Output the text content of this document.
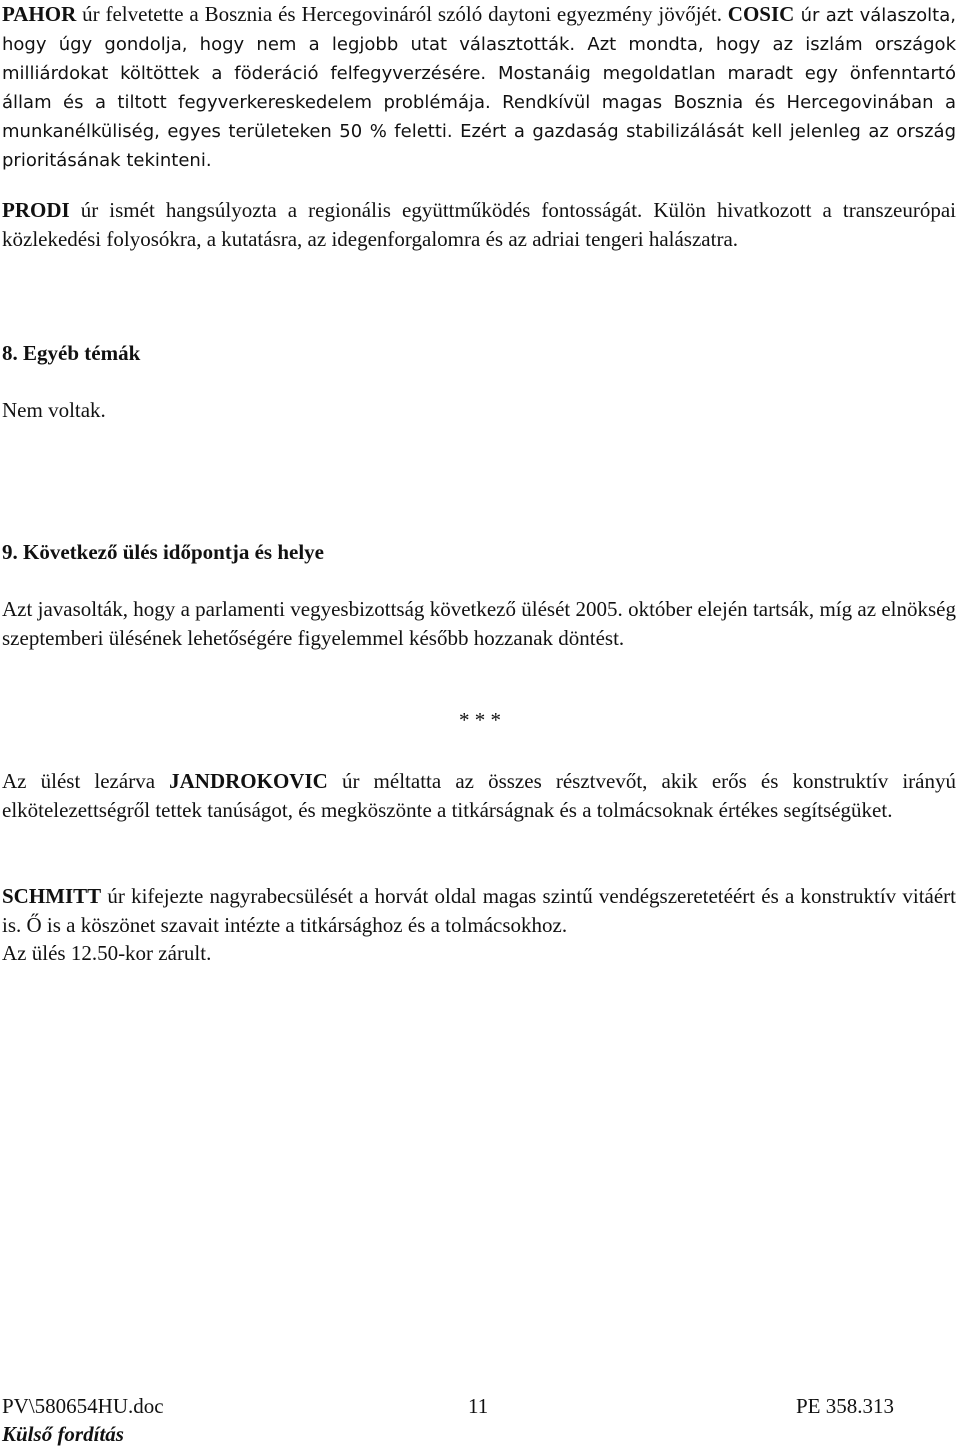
PAHOR úr felvetette a Bosznia és Hercegovináról szóló daytoni egyezmény jövőjét. COSIC úr azt válaszolta, hogy úgy gondolja, hogy nem a legjobb utat választották. Azt mondta, hogy az iszlám országok milliárdokat költöttek a föderáció felfegyverzésére. Mostanáig megoldatlan maradt egy önfenntartó állam és a tiltott fegyverkereskedelem problémája. Rendkívül magas Bosznia és Hercegovinában a munkanélküliség, egyes területeken 50 % feletti. Ezért a gazdaság stabilizálását kell jelenleg az ország prioritásának tekinteni.

PRODI úr ismét hangsúlyozta a regionális együttműködés fontosságát. Külön hivatkozott a transzeurópai közlekedési folyosókra, a kutatásra, az idegenforgalomra és az adriai tengeri halászatra.

8. Egyéb témák

Nem voltak.

9. Következő ülés időpontja és helye

Azt javasolták, hogy a parlamenti vegyesbizottság következő ülését 2005. október elején tartsák, míg az elnökség szeptemberi ülésének lehetőségére figyelemmel később hozzanak döntést.

* * *

Az ülést lezárva JANDROKOVIC úr méltatta az összes résztvevőt, akik erős és konstruktív irányú elkötelezettségről tettek tanúságot, és megköszönte a titkárságnak és a tolmácsoknak értékes segítségüket.

SCHMITT úr kifejezte nagyrabecsülését a horvát oldal magas szintű vendégszeretetéért és a konstruktív vitáért is. Ő is a köszönet szavait intézte a titkársághoz és a tolmácsokhoz.

Az ülés 12.50-kor zárult.

PV\580654HU.doc	11	PE 358.313
Külső fordítás
